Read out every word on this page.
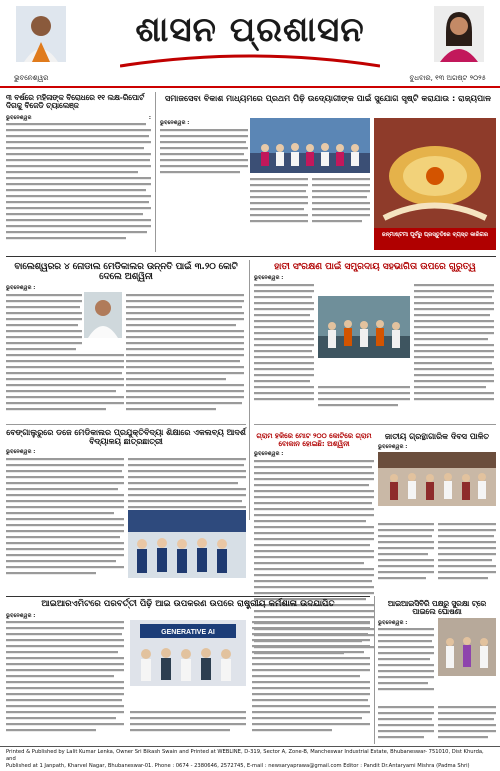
ଶାସନ ପ୍ରଶାସନ
ଭୁବନେଶ୍ୱର	ବୁଧବାର, ୧୩ ଅଗଷ୍ଟ ୨୦୨୫
୩ ବର୍ଷରେ ମହିଳାଙ୍କ ବିରୋଧରେ ୧୧ ଲକ୍ଷ-ରିପୋର୍ଟ ଦିଗକୁ ବିଜେଡି ଚ୍ୟାଲେଞ୍ଜ
ଭୁବନେଶ୍ୱର :
ସମାଜସେବା ବିକାଶ ମାଧ୍ୟମରେ ପ୍ରଥମ ପିଢ଼ି ଉଦ୍ୟୋଗୀଙ୍କ ପାଇଁ ସୁଯୋଗ ସୃଷ୍ଟି କରାଯାଉ : ରାଜ୍ୟପାଳ
ଭୁବନେଶ୍ୱର :
ଜନ୍ମାଷ୍ଟମୀ ପୂର୍ବରୁ ପ୍ରସ୍ତୁତିରେ ବ୍ୟସ୍ତ କାରିଗର
ବାଲେଶ୍ୱରର ୪ ନୋଡାଲ ମେଡିକାଲର ଉନ୍ନତି ପାଇଁ ୩.୨୦ କୋଟି ଦେଲେ ଅଶ୍ୱିନୀ
ଭୁବନେଶ୍ୱର :
ହାତୀ ସଂରକ୍ଷଣ ପାଇଁ ସମ୍ପ୍ରଦାୟ ସହଭାଗିତା ଉପରେ ଗୁରୁତ୍ୱ
ଭୁବନେଶ୍ୱର :
ବେଙ୍ଗାଲୁରୁରେ ଡଜେ ମେଡିକାଲର ପ୍ରଯୁକ୍ତିବିଦ୍ୟା ଶିକ୍ଷାରେ ଏକଲବ୍ୟ ଆଦର୍ଶ ବିଦ୍ୟାଳୟ ଛାତ୍ରଛାତ୍ରୀ
ଭୁବନେଶ୍ୱର :
ଗ୍ରାମ ହକିରେ ମୋଟ ୨୦୦ କୋଟିରେ ଗ୍ରାମ ବୋକାନ ହୋଇଛି: ଅଶ୍ୱିନୀ
ଭୁବନେଶ୍ୱର :
ଜାତୀୟ ଗ୍ରନ୍ଥାଗାରିକ ଦିବସ ପାଳିତ
ଭୁବନେଶ୍ୱର :
ଆଇଆରଏମିଟରେ ପରବର୍ତ୍ତୀ ପିଢ଼ି ଆଇ ଉପକରଣ ଉପରେ ରାଷ୍ଟ୍ରୀୟ କର୍ମଶାଳା ଉଦଯାପିତ
ଭୁବନେଶ୍ୱର :
GENERATIVE AI
ଆଇଆଇସିବିରି ପକ୍ଷରୁ ସୁରକ୍ଷା ଟ୍ରେ ପାଇଲେ ଘୋଷଣା
ଭୁବନେଶ୍ୱର :
Printed & Published by Lalit Kumar Lenka, Owner Sri Bikash Swain and Printed at WEBLINE, D-319, Sector A, Zone-B, Mancheswar Industrial Estate, Bhubaneswar- 751010, Dist Khurda, and
Published at 1 Janpath, Kharvel Nagar, Bhubaneswar-01. Phone : 0674 - 2380646, 2572745, E-mail : newsaryaprawa@gmail.com Editor : Pandit Dr.Antaryami Mishra (Padma Shri)
